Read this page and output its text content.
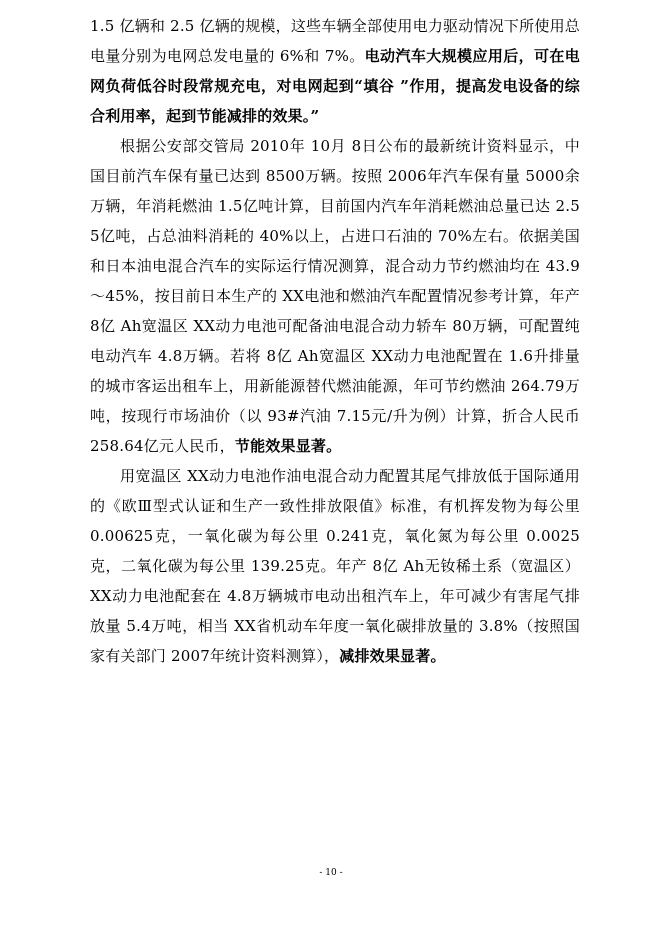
1.5 亿辆和 2.5 亿辆的规模，这些车辆全部使用电力驱动情况下所使用总电量分别为电网总发电量的 6%和 7%。电动汽车大规模应用后，可在电网负荷低谷时段常规充电，对电网起到“填谷 ”作用，提高发电设备的综合利用率，起到节能减排的效果。”

根据公安部交管局 2010年 10月 8日公布的最新统计资料显示，中国目前汽车保有量已达到 8500万辆。按照 2006年汽车保有量 5000余万辆，年消耗燃油 1.5亿吨计算，目前国内汽车年消耗燃油总量已达 2.55亿吨，占总油料消耗的 40%以上，占进口石油的 70%左右。依据美国和日本油电混合汽车的实际运行情况测算，混合动力节约燃油均在 43.9～45%，按目前日本生产的 XX电池和燃油汽车配置情况参考计算，年产 8亿 Ah宽温区 XX动力电池可配备油电混合动力轿车 80万辆，可配置纯电动汽车 4.8万辆。若将 8亿 Ah宽温区 XX动力电池配置在 1.6升排量的城市客运出租车上，用新能源替代燃油能源，年可节约燃油 264.79万吨，按现行市场油价（以 93#汽油 7.15元/升为例）计算，折合人民币 258.64亿元人民币，节能效果显著。

用宽温区 XX动力电池作油电混合动力配置其尾气排放低于国际通用的《欧Ⅲ型式认证和生产一致性排放限值》标准，有机挥发物为每公里 0.00625克，一氧化碳为每公里 0.241克，氧化氮为每公里 0.0025克，二氧化碳为每公里 139.25克。年产 8亿 Ah无钕稀土系（宽温区）XX动力电池配套在 4.8万辆城市电动出租汽车上，年可减少有害尾气排放量 5.4万吨，相当 XX省机动车年度一氧化碳排放量的 3.8%（按照国家有关部门 2007年统计资料测算），减排效果显著。

- 10 -
